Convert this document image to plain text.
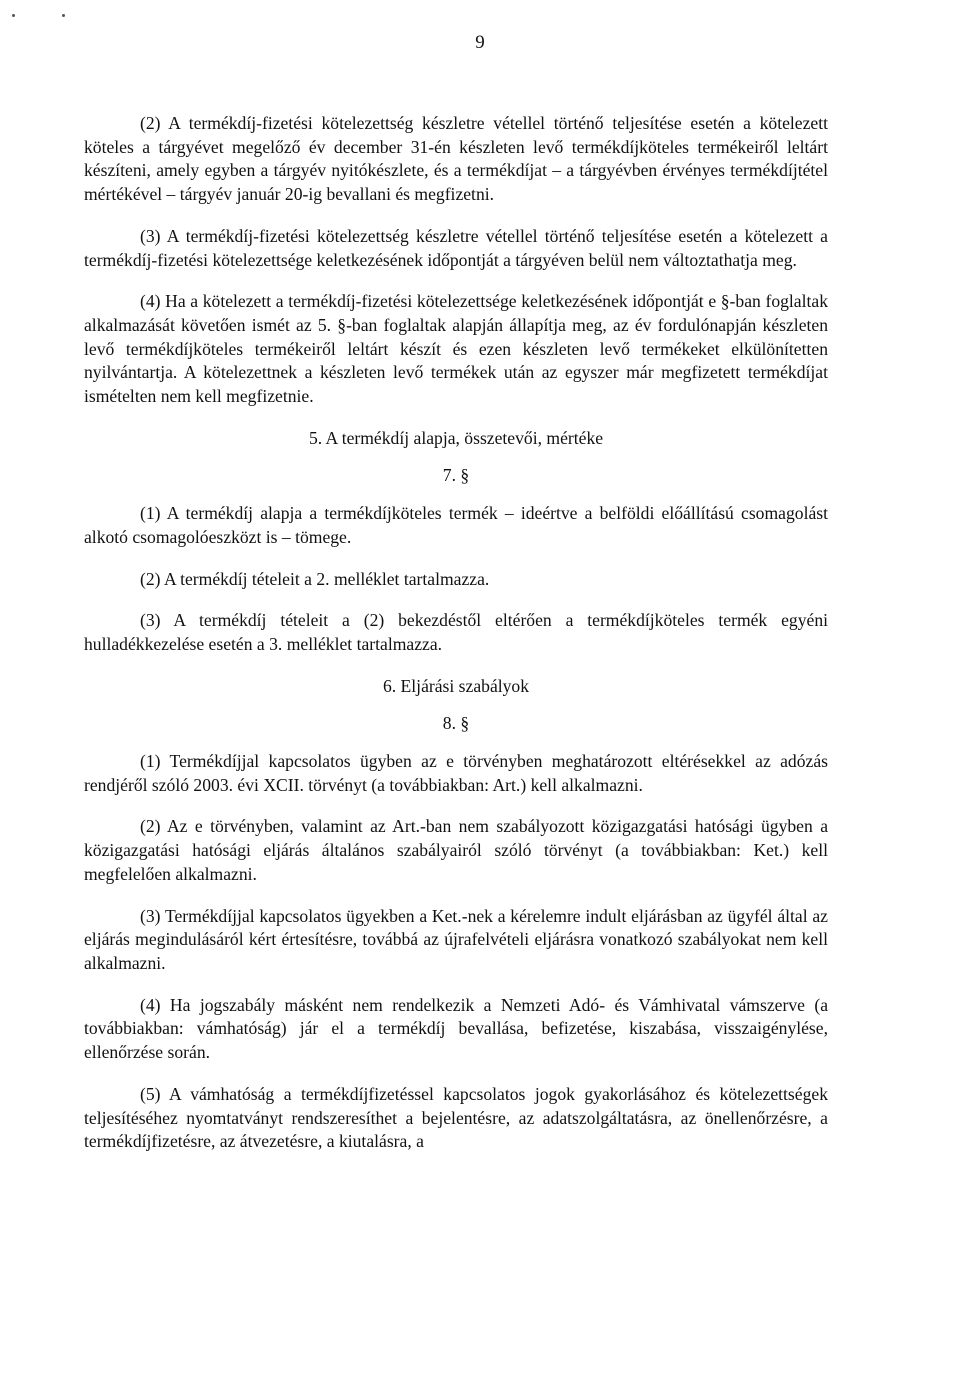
9

(2) A termékdíj-fizetési kötelezettség készletre vétellel történő teljesítése esetén a kötelezett köteles a tárgyévet megelőző év december 31-én készleten levő termékdíjköteles termékeiről leltárt készíteni, amely egyben a tárgyév nyitókészlete, és a termékdíjat – a tárgyévben érvényes termékdíjtétel mértékével – tárgyév január 20-ig bevallani és megfizetni.

(3) A termékdíj-fizetési kötelezettség készletre vétellel történő teljesítése esetén a kötelezett a termékdíj-fizetési kötelezettsége keletkezésének időpontját a tárgyéven belül nem változtathatja meg.

(4) Ha a kötelezett a termékdíj-fizetési kötelezettsége keletkezésének időpontját e §-ban foglaltak alkalmazását követően ismét az 5. §-ban foglaltak alapján állapítja meg, az év fordulónapján készleten levő termékdíjköteles termékeiről leltárt készít és ezen készleten levő termékeket elkülönítetten nyilvántartja. A kötelezettnek a készleten levő termékek után az egyszer már megfizetett termékdíjat ismételten nem kell megfizetnie.

5. A termékdíj alapja, összetevői, mértéke
7. §

(1) A termékdíj alapja a termékdíjköteles termék – ideértve a belföldi előállítású csomagolást alkotó csomagolóeszközt is – tömege.

(2) A termékdíj tételeit a 2. melléklet tartalmazza.

(3) A termékdíj tételeit a (2) bekezdéstől eltérően a termékdíjköteles termék egyéni hulladékkezelése esetén a 3. melléklet tartalmazza.

6. Eljárási szabályok
8. §

(1) Termékdíjjal kapcsolatos ügyben az e törvényben meghatározott eltérésekkel az adózás rendjéről szóló 2003. évi XCII. törvényt (a továbbiakban: Art.) kell alkalmazni.

(2) Az e törvényben, valamint az Art.-ban nem szabályozott közigazgatási hatósági ügyben a közigazgatási hatósági eljárás általános szabályairól szóló törvényt (a továbbiakban: Ket.) kell megfelelően alkalmazni.

(3) Termékdíjjal kapcsolatos ügyekben a Ket.-nek a kérelemre indult eljárásban az ügyfél által az eljárás megindulásáról kért értesítésre, továbbá az újrafelvételi eljárásra vonatkozó szabályokat nem kell alkalmazni.

(4) Ha jogszabály másként nem rendelkezik a Nemzeti Adó- és Vámhivatal vámszerve (a továbbiakban: vámhatóság) jár el a termékdíj bevallása, befizetése, kiszabása, visszaigénylése, ellenőrzése során.

(5) A vámhatóság a termékdíjfizetéssel kapcsolatos jogok gyakorlásához és kötelezettségek teljesítéséhez nyomtatványt rendszeresíthet a bejelentésre, az adatszolgáltatásra, az önellenőrzésre, a termékdíjfizetésre, az átvezetésre, a kiutalásra, a
